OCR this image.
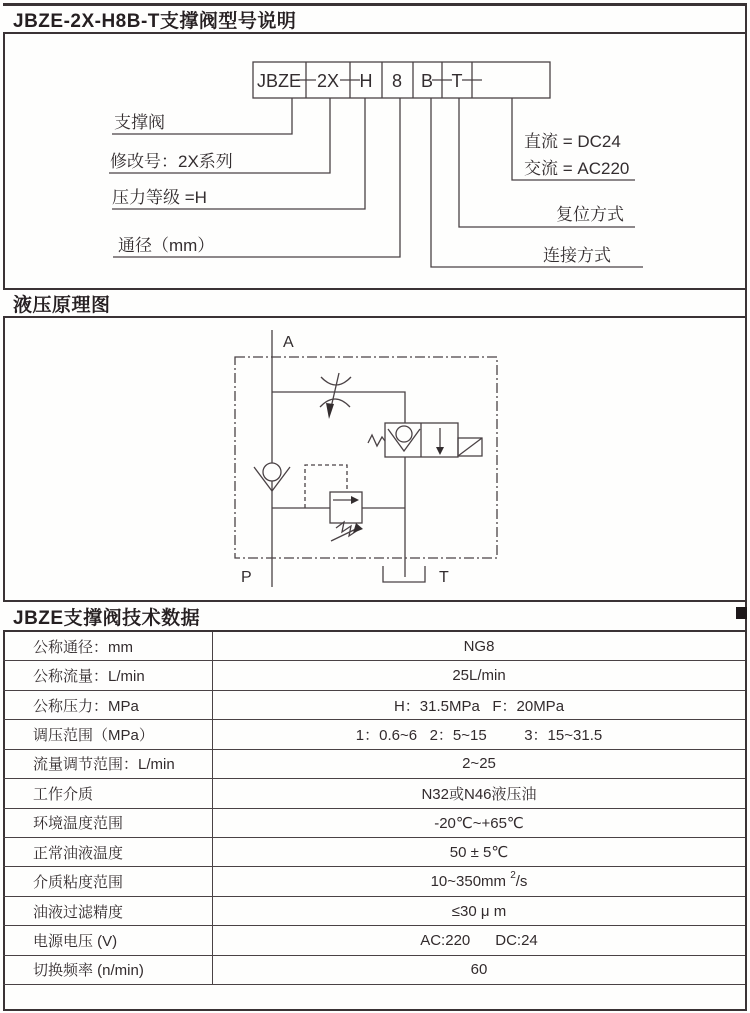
JBZE-2X-H8B-T支撑阀型号说明
JBZE 2X H 8 B T
支撑阀
修改号：2X系列
压力等级 =H
通径（mm）
直流 = DC24
交流 = AC220
复位方式
连接方式
液压原理图
A
P	T
JBZE支撑阀技术数据
公称通径：mm	NG8
公称流量：L/min	25L/min
公称压力：MPa	H：31.5MPa   F：20MPa
调压范围（MPa）	1：0.6~6   2：5~15         3：15~31.5
流量调节范围：L/min	2~25
工作介质	N32或N46液压油
环境温度范围	-20℃~+65℃
正常油液温度	50 ± 5℃
介质粘度范围	10~350mm 2 /s
油液过滤精度	≤30 μ m
电源电压 (V)	AC:220      DC:24
切换频率 (n/min)	60
